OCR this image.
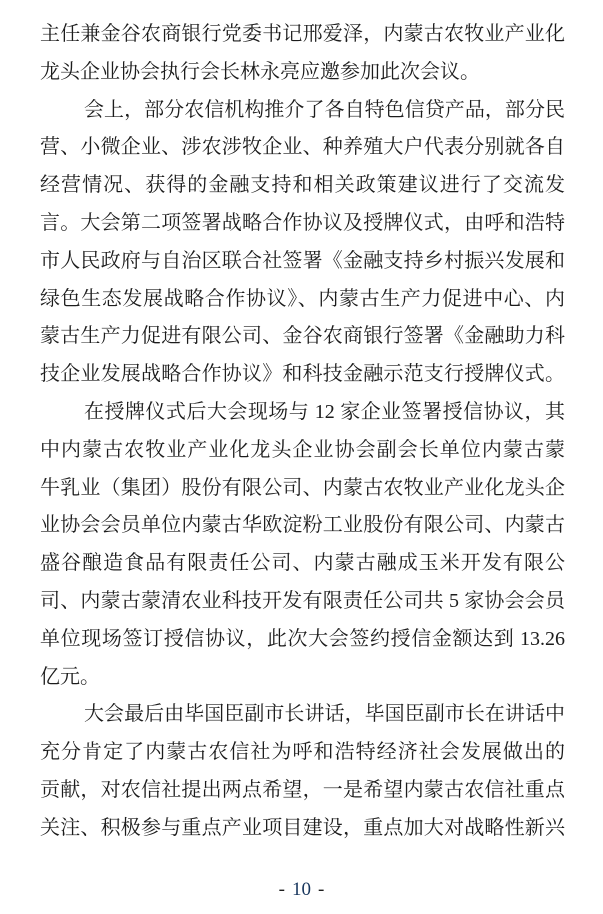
主任兼金谷农商银行党委书记邢爱泽，内蒙古农牧业产业化
龙头企业协会执行会长林永亮应邀参加此次会议。
会上，部分农信机构推介了各自特色信贷产品，部分民
营、小微企业、涉农涉牧企业、种养殖大户代表分别就各自
经营情况、获得的金融支持和相关政策建议进行了交流发
言。大会第二项签署战略合作协议及授牌仪式，由呼和浩特
市人民政府与自治区联合社签署《金融支持乡村振兴发展和
绿色生态发展战略合作协议》、内蒙古生产力促进中心、内
蒙古生产力促进有限公司、金谷农商银行签署《金融助力科
技企业发展战略合作协议》和科技金融示范支行授牌仪式。
在授牌仪式后大会现场与 12 家企业签署授信协议，其
中内蒙古农牧业产业化龙头企业协会副会长单位内蒙古蒙
牛乳业（集团）股份有限公司、内蒙古农牧业产业化龙头企
业协会会员单位内蒙古华欧淀粉工业股份有限公司、内蒙古
盛谷酿造食品有限责任公司、内蒙古融成玉米开发有限公
司、内蒙古蒙清农业科技开发有限责任公司共 5 家协会会员
单位现场签订授信协议，此次大会签约授信金额达到 13.26
亿元。
大会最后由毕国臣副市长讲话，毕国臣副市长在讲话中
充分肯定了内蒙古农信社为呼和浩特经济社会发展做出的
贡献，对农信社提出两点希望，一是希望内蒙古农信社重点
关注、积极参与重点产业项目建设，重点加大对战略性新兴
- 10 -
